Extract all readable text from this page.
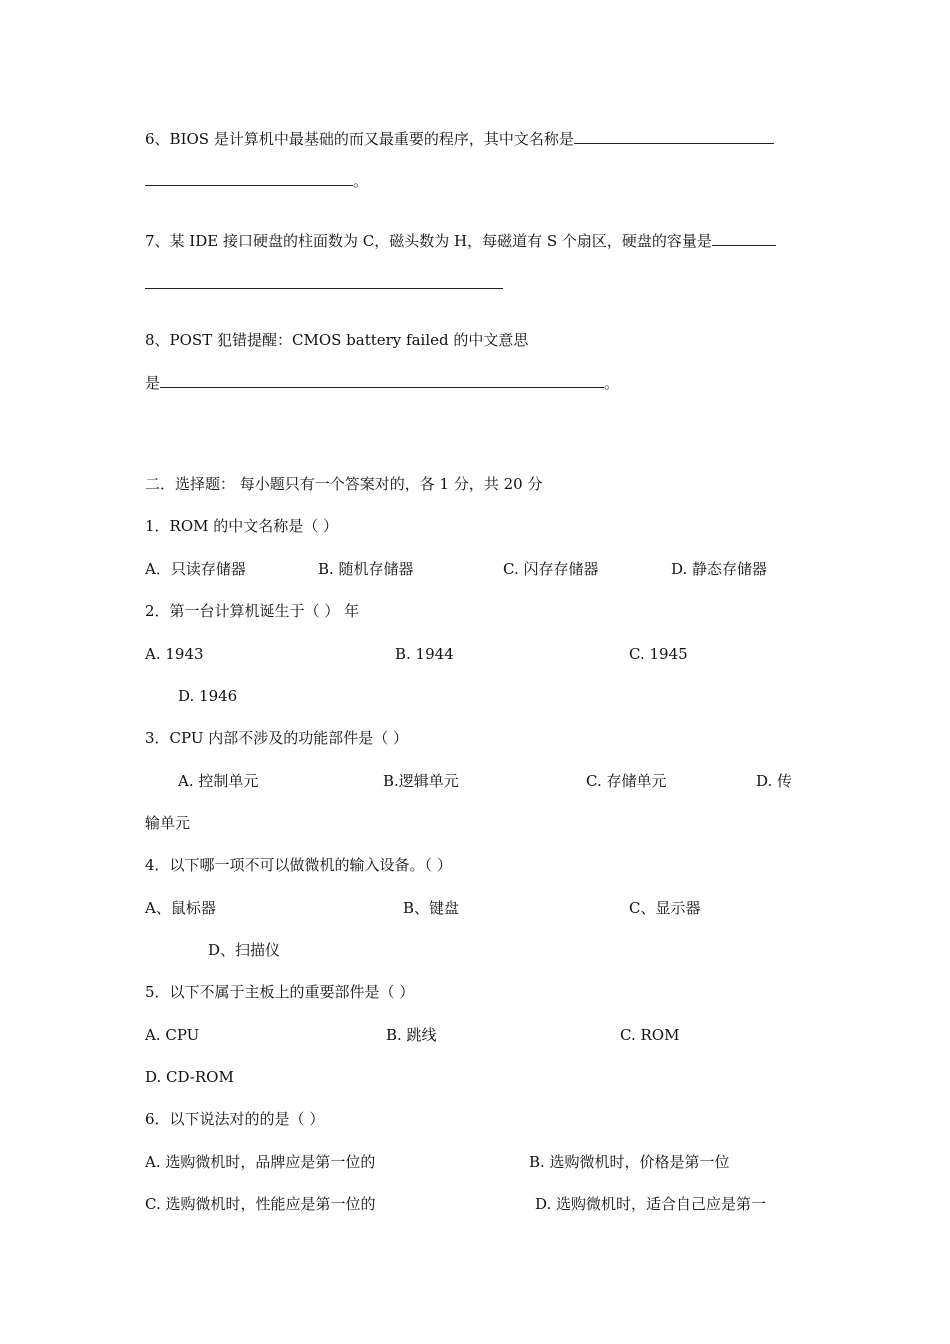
6、BIOS 是计算机中最基础的而又最重要的程序，其中文名称是
。
7、某 IDE 接口硬盘的柱面数为 C，磁头数为 H，每磁道有 S 个扇区，硬盘的容量是
8、POST 犯错提醒：CMOS battery failed 的中文意思
是	。
二．选择题： 每小题只有一个答案对的，各 1 分，共 20 分
1．ROM 的中文名称是（ ）
A．只读存储器	B. 随机存储器	C. 闪存存储器	D. 静态存储器
2．第一台计算机诞生于（ ） 年
A. 1943	B. 1944	C. 1945
D. 1946
3．CPU 内部不涉及的功能部件是（ ）
A. 控制单元	B.逻辑单元	C. 存储单元	D. 传
输单元
4．以下哪一项不可以做微机的输入设备。（ ）
A、鼠标器	B、键盘	C、显示器
D、扫描仪
5．以下不属于主板上的重要部件是（ ）
A. CPU	B. 跳线	C. ROM
D. CD-ROM
6．以下说法对的的是（ ）
A. 选购微机时，品牌应是第一位的	B. 选购微机时，价格是第一位
C. 选购微机时，性能应是第一位的	D. 选购微机时，适合自己应是第一
